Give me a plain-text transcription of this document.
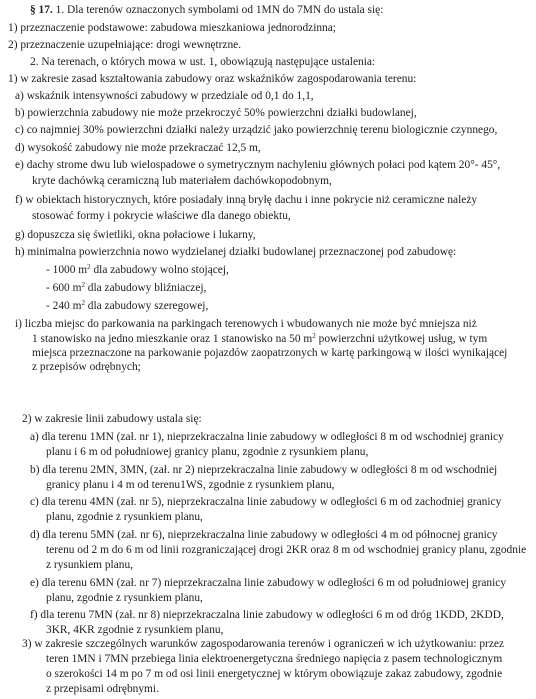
§ 17. 1. Dla terenów oznaczonych symbolami od 1MN do 7MN do ustala się:
1) przeznaczenie podstawowe: zabudowa mieszkaniowa jednorodzinna;
2) przeznaczenie uzupełniające: drogi wewnętrzne.
2. Na terenach, o których mowa w ust. 1, obowiązują następujące ustalenia:
1) w zakresie zasad kształtowania zabudowy oraz wskaźników zagospodarowania terenu:
a) wskaźnik intensywności zabudowy w przedziale od 0,1 do 1,1,
b) powierzchnia zabudowy nie może przekroczyć 50% powierzchni działki budowlanej,
c) co najmniej 30% powierzchni działki należy urządzić jako powierzchnię terenu biologicznie czynnego,
d) wysokość zabudowy nie może przekraczać 12,5 m,
e) dachy strome dwu lub wielospadowe o symetrycznym nachyleniu głównych połaci pod kątem 20°- 45°,
kryte dachówką ceramiczną lub materiałem dachówkopodobnym,
f) w obiektach historycznych, które posiadały inną bryłę dachu i inne pokrycie niż ceramiczne należy
stosować formy i pokrycie właściwe dla danego obiektu,
g) dopuszcza się świetliki, okna połaciowe i lukarny,
h) minimalna powierzchnia nowo wydzielanej działki budowlanej przeznaczonej pod zabudowę:
- 1000 $m^2$ dla zabudowy wolno stojącej,
- 600 $m^2$ dla zabudowy bliźniaczej,
- 240 $m^2$ dla zabudowy szeregowej,
i) liczba miejsc do parkowania na parkingach terenowych i wbudowanych nie może być mniejsza niż
1 stanowisko na jedno mieszkanie oraz 1 stanowisko na 50 $m^2$ powierzchni użytkowej usług, w tym
miejsca przeznaczone na parkowanie pojazdów zaopatrzonych w kartę parkingową w ilości wynikającej
z przepisów odrębnych;
2) w zakresie linii zabudowy ustala się:
a) dla terenu 1MN (zał. nr 1), nieprzekraczalna linie zabudowy w odległości 8 m od wschodniej granicy
planu i 6 m od południowej granicy planu, zgodnie z rysunkiem planu,
b) dla terenu 2MN, 3MN, (zał. nr 2) nieprzekraczalna linie zabudowy w odległości 8 m od wschodniej
granicy planu i 4 m od terenu1WS, zgodnie z rysunkiem planu,
c) dla terenu 4MN (zał. nr 5), nieprzekraczalna linie zabudowy w odległości 6 m od zachodniej granicy
planu, zgodnie z rysunkiem planu,
d) dla terenu 5MN (zał. nr 6), nieprzekraczalna linie zabudowy w odległości 4 m od północnej granicy
terenu od 2 m do 6 m od linii rozgraniczającej drogi 2KR oraz 8 m od wschodniej granicy planu, zgodnie
z rysunkiem planu,
e) dla terenu 6MN (zał. nr 7) nieprzekraczalna linie zabudowy w odległości 6 m od południowej granicy
planu, zgodnie z rysunkiem planu,
f) dla terenu 7MN (zał. nr 8) nieprzekraczalna linie zabudowy w odległości 6 m od dróg 1KDD, 2KDD,
3KR, 4KR zgodnie z rysunkiem planu,
3) w zakresie szczególnych warunków zagospodarowania terenów i ograniczeń w ich użytkowaniu: przez
teren 1MN i 7MN przebiega linia elektroenergetyczna średniego napięcia z pasem technologicznym
o szerokości 14 m po 7 m od osi linii energetycznej w którym obowiązuje zakaz zabudowy, zgodnie
z przepisami odrębnymi.
